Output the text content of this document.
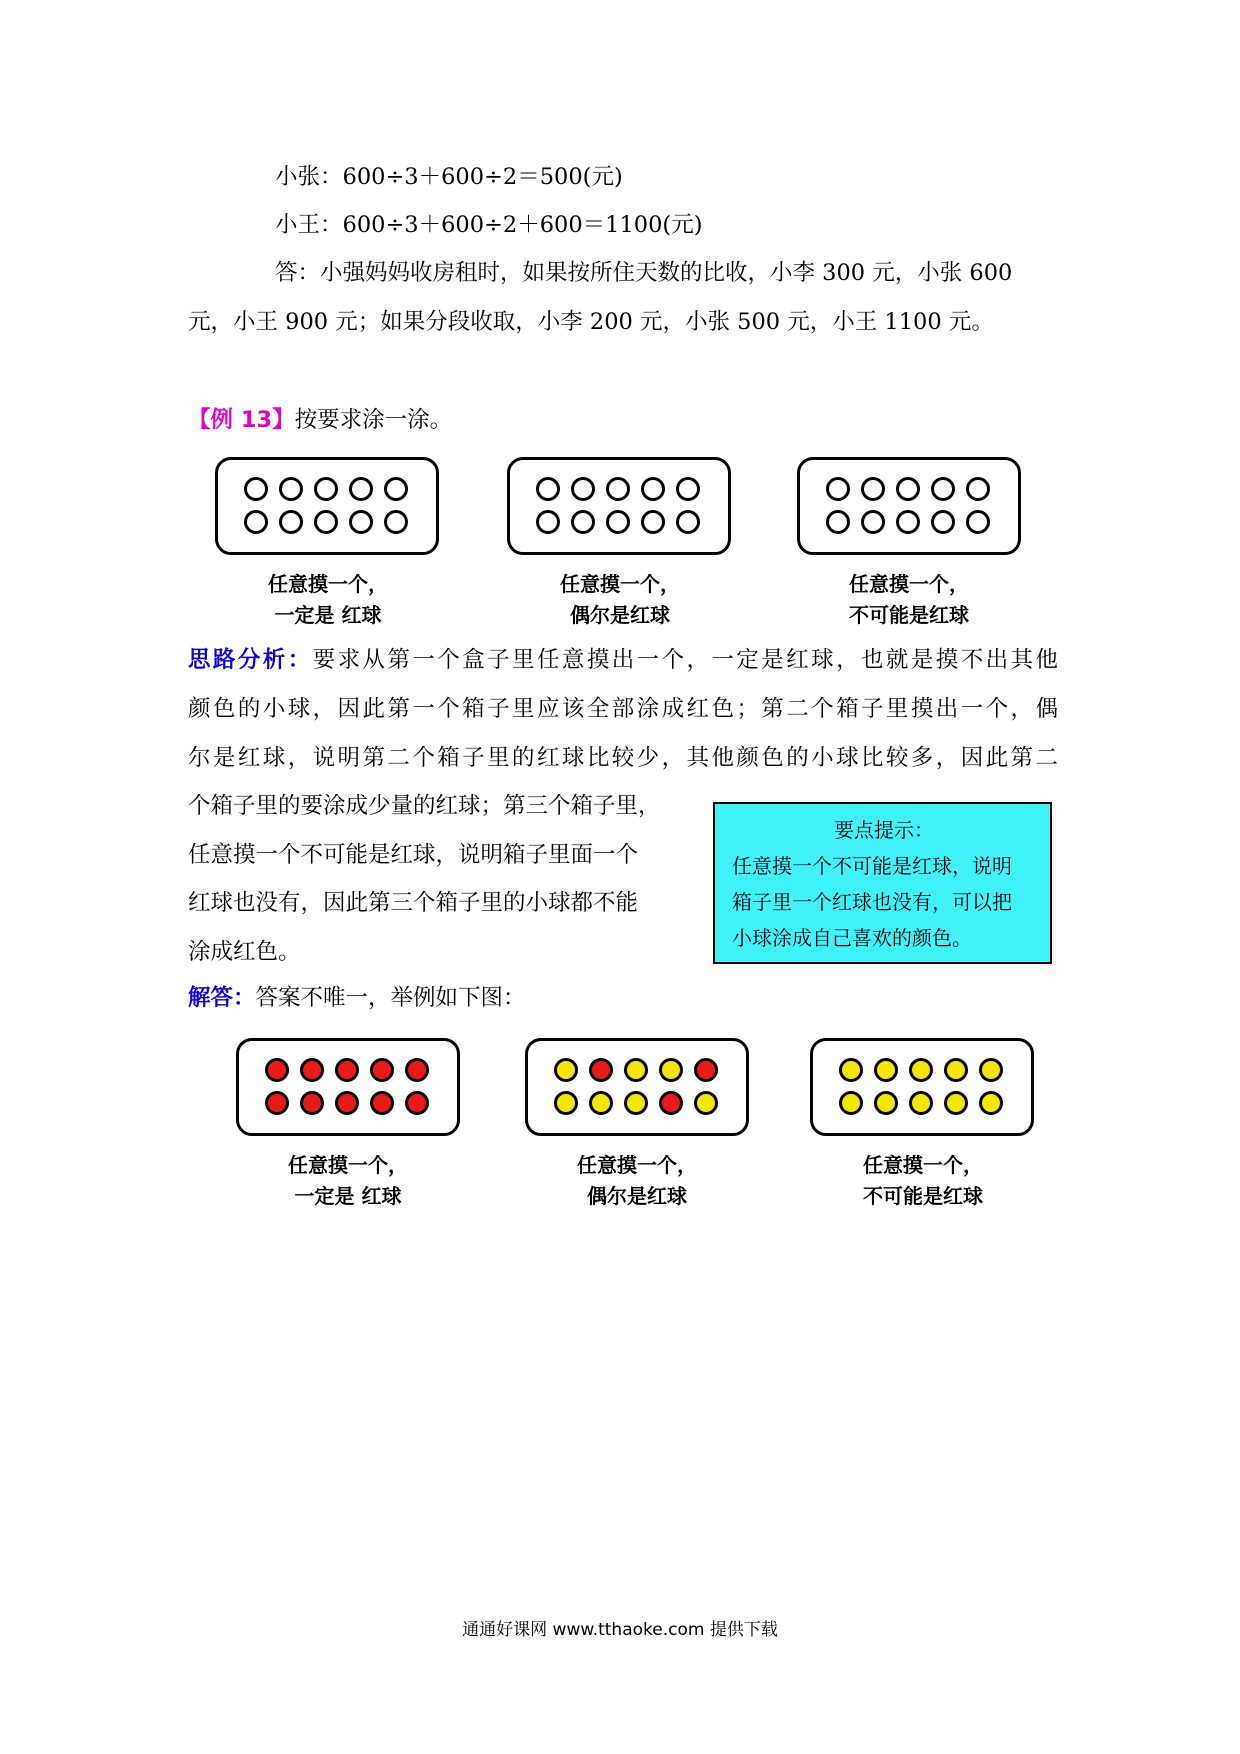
小张：600÷3＋600÷2＝500(元)
小王：600÷3＋600÷2＋600＝1100(元)
答：小强妈妈收房租时，如果按所住天数的比收，小李 300 元，小张 600
元，小王 900 元；如果分段收取，小李 200 元，小张 500 元，小王 1100 元。
【例 13】按要求涂一涂。
任意摸一个，
一定是 红球
任意摸一个，
偶尔是红球
任意摸一个，
不可能是红球
思路分析：要求从第一个盒子里任意摸出一个，一定是红球，也就是摸不出其他
颜色的小球，因此第一个箱子里应该全部涂成红色；第二个箱子里摸出一个，偶
尔是红球，说明第二个箱子里的红球比较少，其他颜色的小球比较多，因此第二
个箱子里的要涂成少量的红球；第三个箱子里，
任意摸一个不可能是红球，说明箱子里面一个
红球也没有，因此第三个箱子里的小球都不能
涂成红色。
要点提示：
任意摸一个不可能是红球，说明
箱子里一个红球也没有，可以把
小球涂成自己喜欢的颜色。
解答：答案不唯一，举例如下图：
任意摸一个，
一定是 红球
任意摸一个，
偶尔是红球
任意摸一个，
不可能是红球
通通好课网 www.tthaoke.com 提供下载
